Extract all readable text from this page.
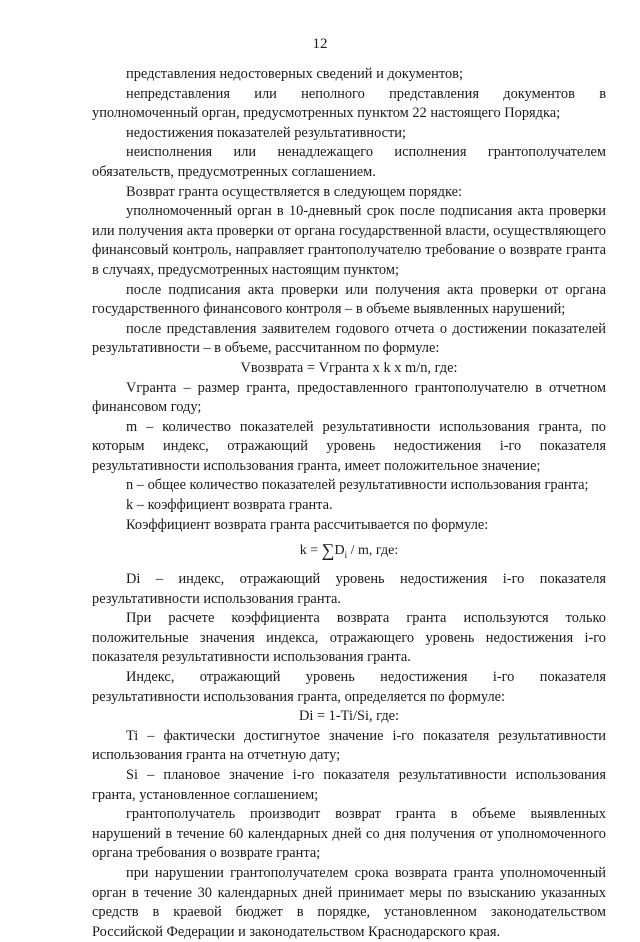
12

представления недостоверных сведений и документов;

непредставления или неполного представления документов в уполномоченный орган, предусмотренных пунктом 22 настоящего Порядка;

недостижения показателей результативности;

неисполнения или ненадлежащего исполнения грантополучателем обязательств, предусмотренных соглашением.

Возврат гранта осуществляется в следующем порядке:

уполномоченный орган в 10-дневный срок после подписания акта проверки или получения акта проверки от органа государственной власти, осуществляющего финансовый контроль, направляет грантополучателю требование о возврате гранта в случаях, предусмотренных настоящим пунктом;

после подписания акта проверки или получения акта проверки от органа государственного финансового контроля – в объеме выявленных нарушений;

после представления заявителем годового отчета о достижении показателей результативности – в объеме, рассчитанном по формуле:

Vвозврата = Vгранта x k x m/n, где:

Vгранта – размер гранта, предоставленного грантополучателю в отчетном финансовом году;

m – количество показателей результативности использования гранта, по которым индекс, отражающий уровень недостижения i-го показателя результативности использования гранта, имеет положительное значение;

n – общее количество показателей результативности использования гранта;

k – коэффициент возврата гранта.

Коэффициент возврата гранта рассчитывается по формуле:

$k = \sum D_i / m$, где:

Di – индекс, отражающий уровень недостижения i-го показателя результативности использования гранта.

При расчете коэффициента возврата гранта используются только положительные значения индекса, отражающего уровень недостижения i-го показателя результативности использования гранта.

Индекс, отражающий уровень недостижения i-го показателя результативности использования гранта, определяется по формуле:

Di = 1-Ti/Si, где:

Ti – фактически достигнутое значение i-го показателя результативности использования гранта на отчетную дату;

Si – плановое значение i-го показателя результативности использования гранта, установленное соглашением;

грантополучатель производит возврат гранта в объеме выявленных нарушений в течение 60 календарных дней со дня получения от уполномоченного органа требования о возврате гранта;

при нарушении грантополучателем срока возврата гранта уполномоченный орган в течение 30 календарных дней принимает меры по взысканию указанных средств в краевой бюджет в порядке, установленном законодательством Российской Федерации и законодательством Краснодарского края.
